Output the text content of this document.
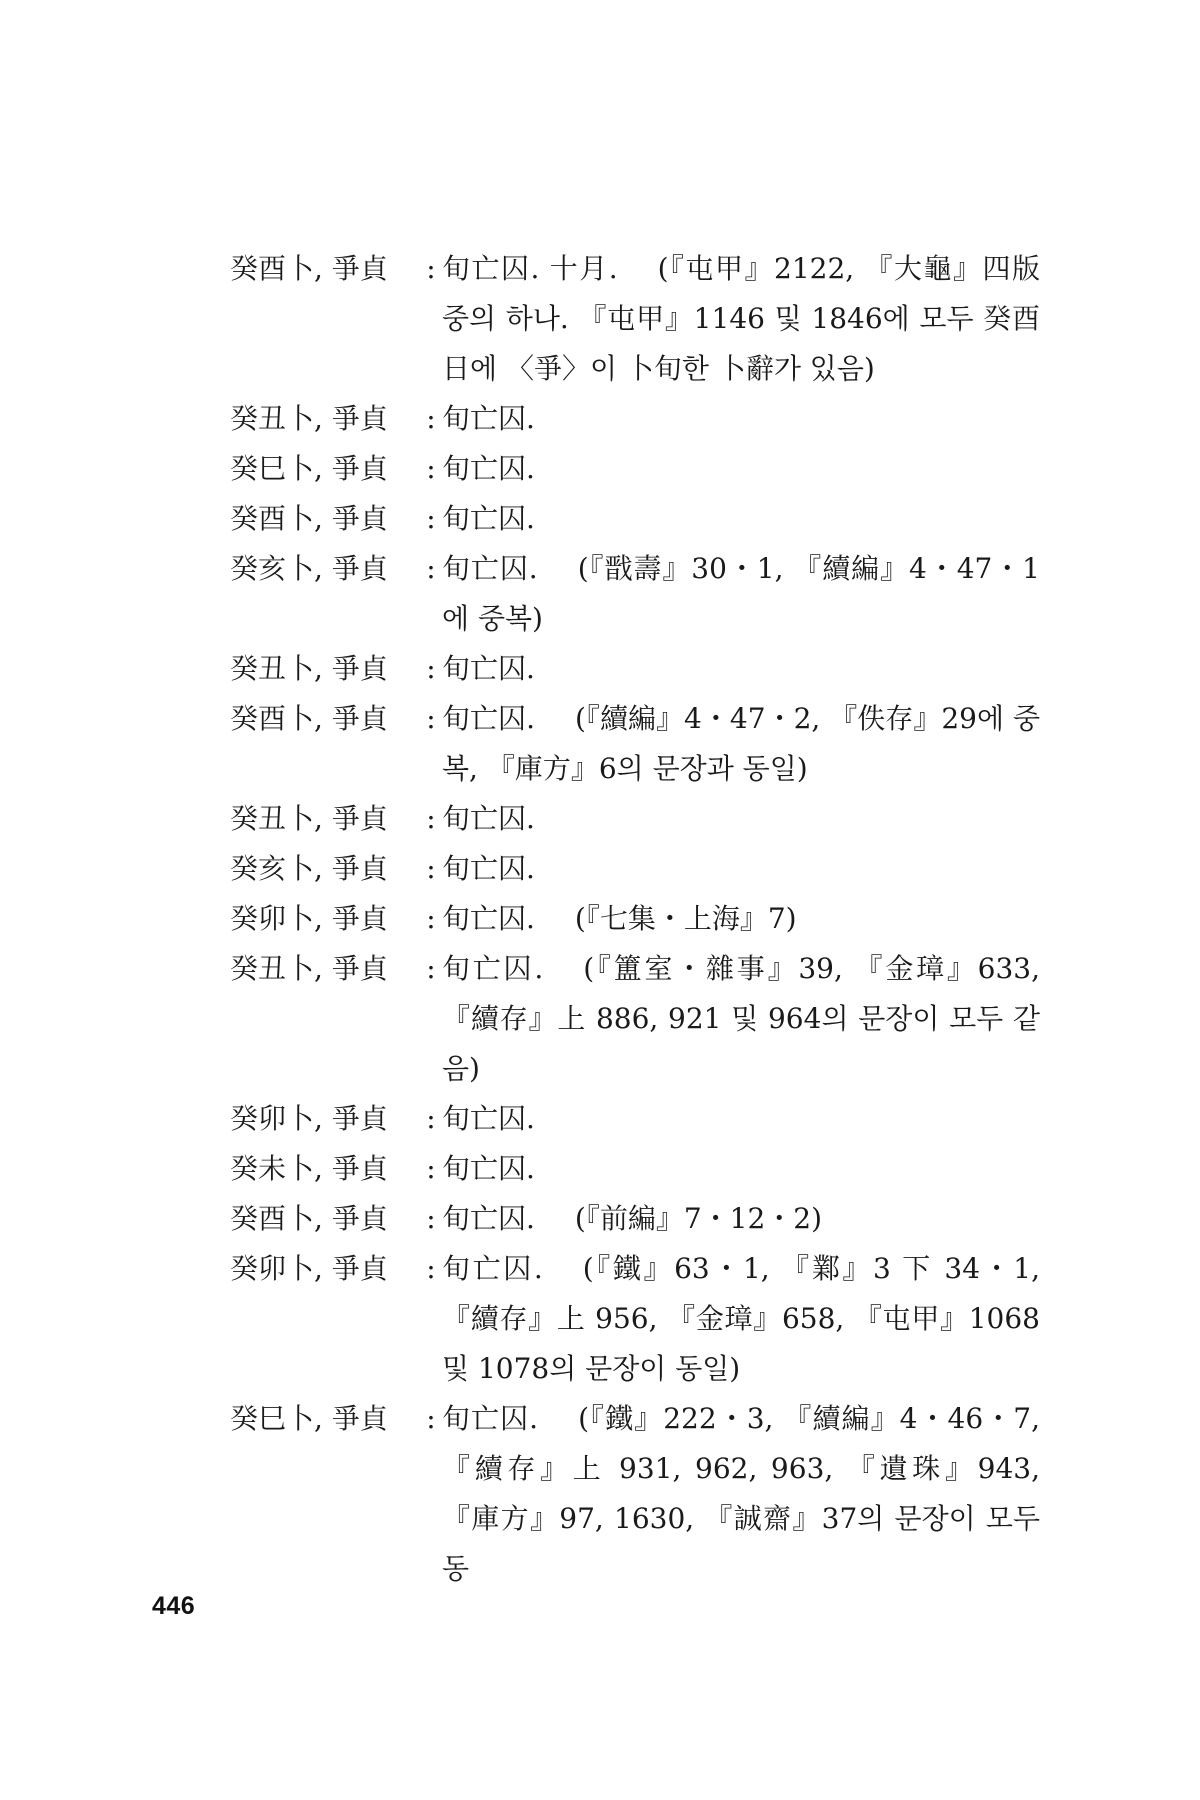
癸酉卜, 爭貞	: 旬亡囚. 十月. (『屯甲』2122, 『大龜』四版 중의 하나. 『屯甲』1146 및 1846에 모두 癸酉日에 〈爭〉이 卜旬한 卜辭가 있음)
癸丑卜, 爭貞	: 旬亡囚.
癸巳卜, 爭貞	: 旬亡囚.
癸酉卜, 爭貞	: 旬亡囚.
癸亥卜, 爭貞	: 旬亡囚. (『戬壽』30・1, 『續編』4・47・1 에 중복)
癸丑卜, 爭貞	: 旬亡囚.
癸酉卜, 爭貞	: 旬亡囚. (『續編』4・47・2, 『佚存』29에 중복, 『庫方』6의 문장과 동일)
癸丑卜, 爭貞	: 旬亡囚.
癸亥卜, 爭貞	: 旬亡囚.
癸卯卜, 爭貞	: 旬亡囚. (『七集・上海』7)
癸丑卜, 爭貞	: 旬亡囚. (『簠室・雜事』39, 『金璋』633, 『續存』上 886, 921 및 964의 문장이 모두 같음)
癸卯卜, 爭貞	: 旬亡囚.
癸未卜, 爭貞	: 旬亡囚.
癸酉卜, 爭貞	: 旬亡囚. (『前編』7・12・2)
癸卯卜, 爭貞	: 旬亡囚. (『鐵』63・1, 『鄴』3 下 34・1, 『續存』上 956, 『金璋』658, 『屯甲』1068 및 1078의 문장이 동일)
癸巳卜, 爭貞	: 旬亡囚. (『鐵』222・3, 『續編』4・46・7, 『續存』上 931, 962, 963, 『遺珠』943, 『庫方』97, 1630, 『誠齋』37의 문장이 모두 동
446
